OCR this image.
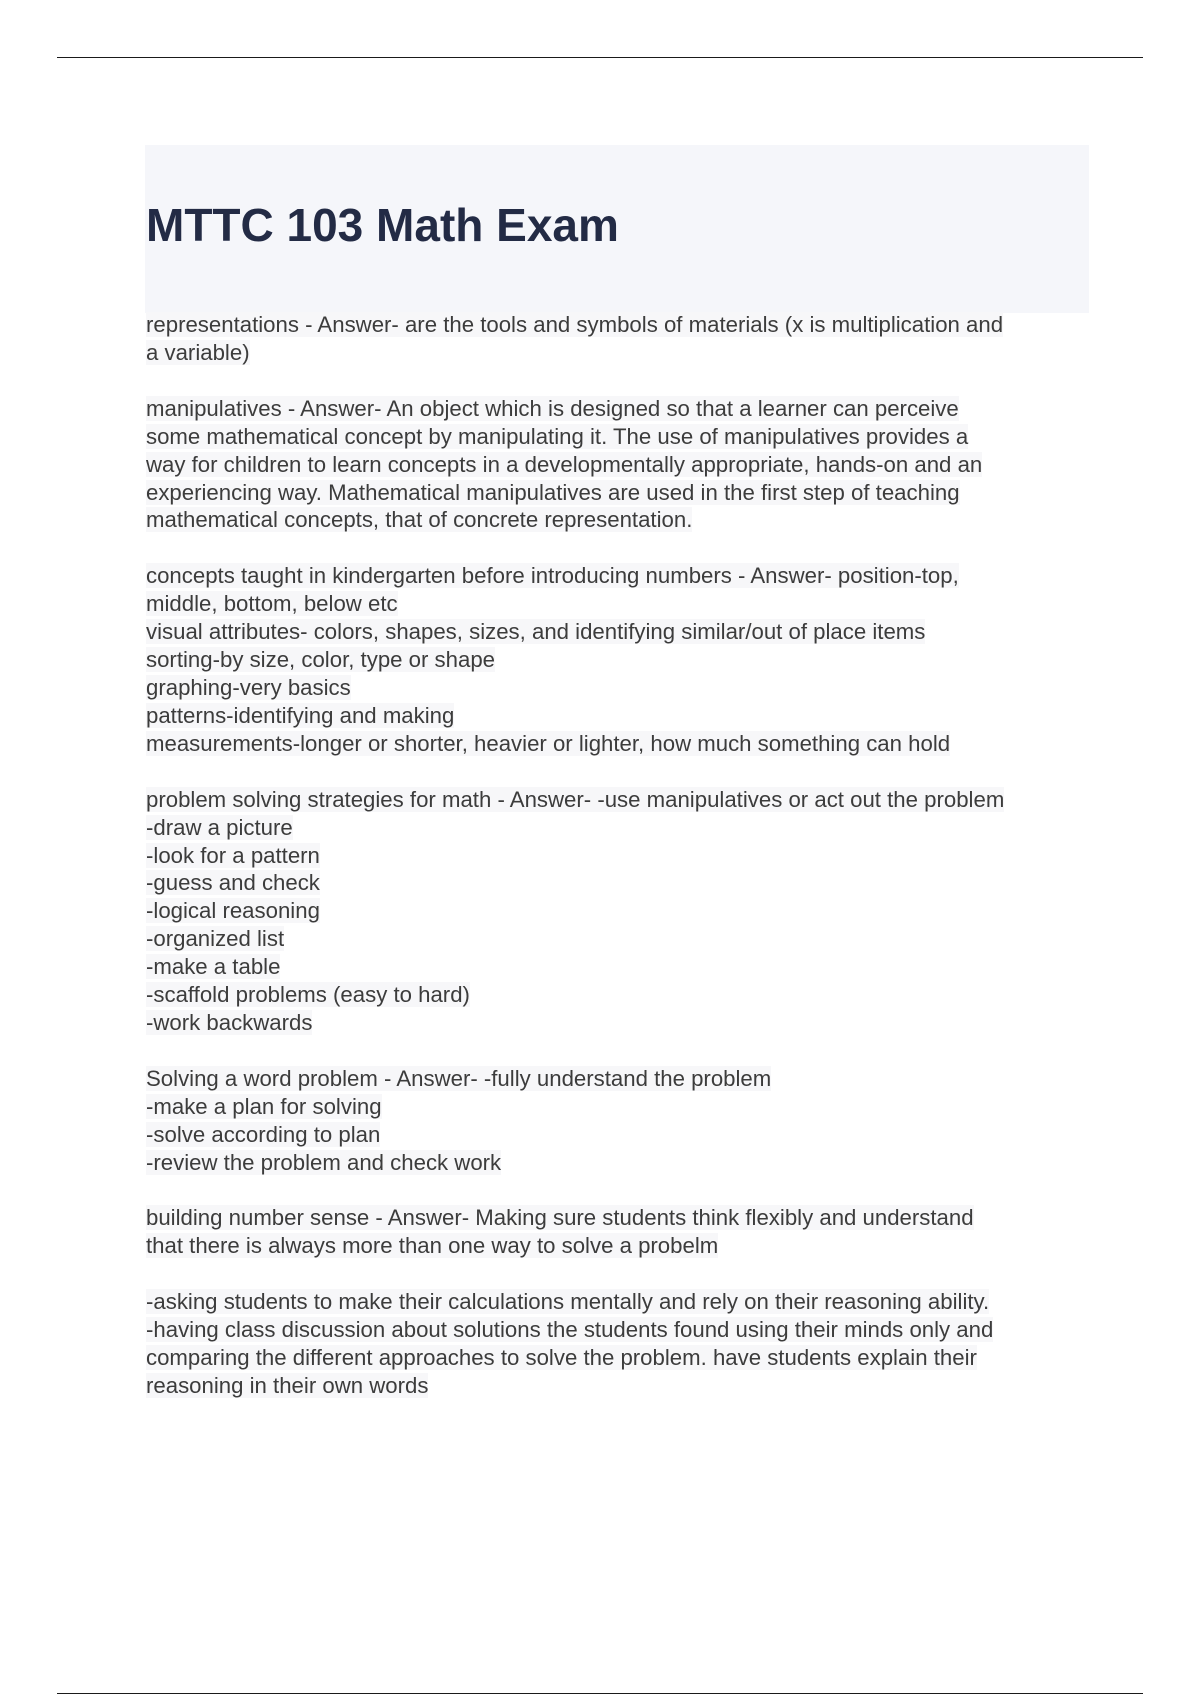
MTTC 103 Math Exam
representations - Answer- are the tools and symbols of materials (x is multiplication and
a variable)
manipulatives - Answer- An object which is designed so that a learner can perceive
some mathematical concept by manipulating it. The use of manipulatives provides a
way for children to learn concepts in a developmentally appropriate, hands-on and an
experiencing way. Mathematical manipulatives are used in the first step of teaching
mathematical concepts, that of concrete representation.
concepts taught in kindergarten before introducing numbers - Answer- position-top,
middle, bottom, below etc
visual attributes- colors, shapes, sizes, and identifying similar/out of place items
sorting-by size, color, type or shape
graphing-very basics
patterns-identifying and making
measurements-longer or shorter, heavier or lighter, how much something can hold
problem solving strategies for math - Answer- -use manipulatives or act out the problem
-draw a picture
-look for a pattern
-guess and check
-logical reasoning
-organized list
-make a table
-scaffold problems (easy to hard)
-work backwards
Solving a word problem - Answer- -fully understand the problem
-make a plan for solving
-solve according to plan
-review the problem and check work
building number sense - Answer- Making sure students think flexibly and understand
that there is always more than one way to solve a probelm
-asking students to make their calculations mentally and rely on their reasoning ability.
-having class discussion about solutions the students found using their minds only and
comparing the different approaches to solve the problem. have students explain their
reasoning in their own words
